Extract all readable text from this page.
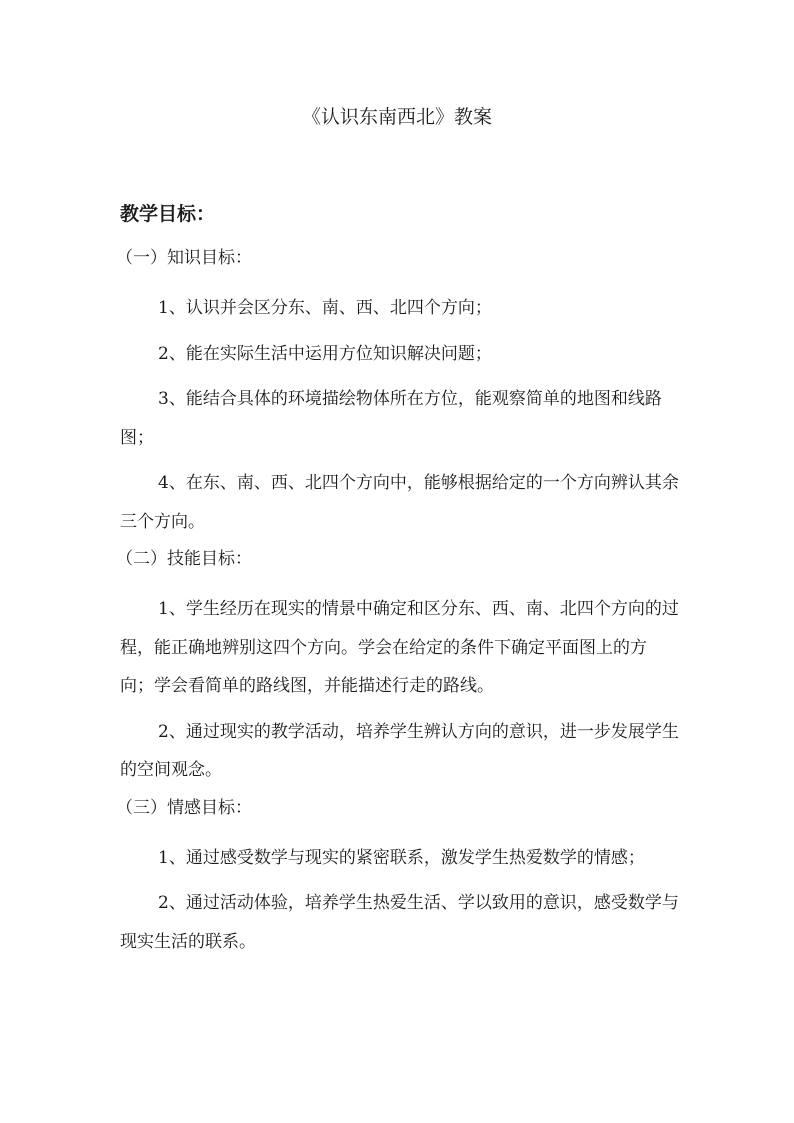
《认识东南西北》教案
教学目标：

（一）知识目标：

1、认识并会区分东、南、西、北四个方向；

2、能在实际生活中运用方位知识解决问题；

3、能结合具体的环境描绘物体所在方位，能观察简单的地图和线路图；

4、在东、南、西、北四个方向中，能够根据给定的一个方向辨认其余三个方向。

（二）技能目标：

1、学生经历在现实的情景中确定和区分东、西、南、北四个方向的过程，能正确地辨别这四个方向。学会在给定的条件下确定平面图上的方向；学会看简单的路线图，并能描述行走的路线。

2、通过现实的教学活动，培养学生辨认方向的意识，进一步发展学生的空间观念。

（三）情感目标：

1、通过感受数学与现实的紧密联系，激发学生热爱数学的情感；

2、通过活动体验，培养学生热爱生活、学以致用的意识，感受数学与现实生活的联系。
